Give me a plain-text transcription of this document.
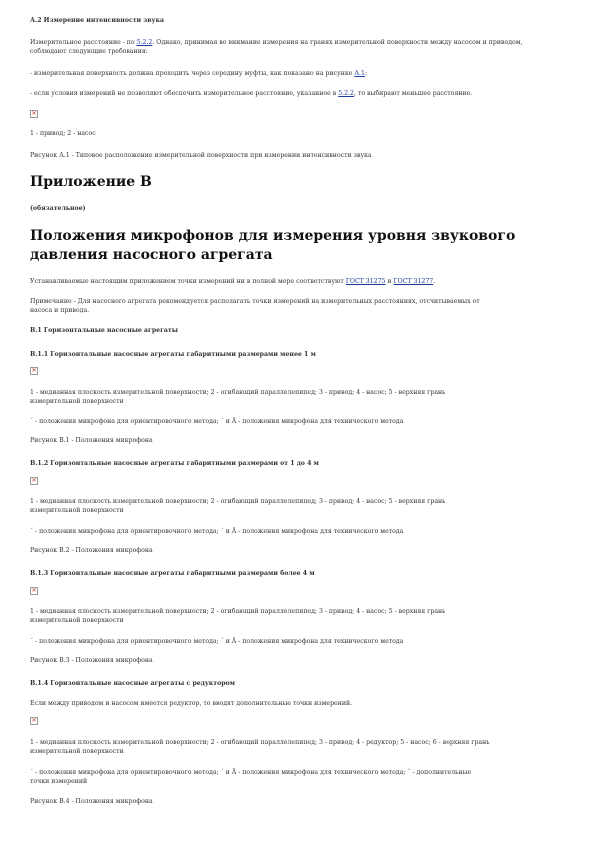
А.2 Измерение интенсивности звука

Измерительное расстояние - по 5.2.2. Однако, принимая во внимание измерения на гранях измерительной поверхности между насосом и приводом, соблюдают следующие требования:

- измерительная поверхность должна проходить через середину муфты, как показано на рисунке А.1;

- если условия измерений не позволяют обеспечить измерительное расстояние, указанное в 5.2.2, то выбирают меньшее расстояние.

✕

1 - привод; 2 - насос

Рисунок А.1 - Типовое расположение измерительной поверхности при измерении интенсивности звука

Приложение В

(обязательное)

Положения микрофонов для измерения уровня звукового
давления насосного агрегата

Устанавливаемые настоящим приложением точки измерений ни в полной мере соответствуют ГОСТ 31275 и ГОСТ 31277.

Примечание - Для насосного агрегата рекомендуется располагать точки измерений на измерительных расстояниях, отсчитываемых от
насоса и привода.

В.1 Горизонтальные насосные агрегаты

В.1.1 Горизонтальные насосные агрегаты габаритными размерами менее 1 м

✕

1 - медианная плоскость измерительной поверхности; 2 - огибающий параллелепипед; 3 - привод; 4 - насос; 5 - верхняя грань
измерительной поверхности

´ - положения микрофона для ориентировочного метода; ´ и Ä - положения микрофона для технического метода

Рисунок В.1 - Положения микрофона

В.1.2 Горизонтальные насосные агрегаты габаритными размерами от 1 до 4 м

✕

1 - медианная плоскость измерительной поверхности; 2 - огибающий параллелепипед; 3 - привод; 4 - насос; 5 - верхняя грань
измерительной поверхности

´ - положения микрофона для ориентировочного метода; ´ и Ä - положения микрофона для технического метода

Рисунок В.2 - Положения микрофона

В.1.3 Горизонтальные насосные агрегаты габаритными размерами более 4 м

✕

1 - медианная плоскость измерительной поверхности; 2 - огибающий параллелепипед; 3 - привод; 4 - насос; 5 - верхняя грань
измерительной поверхности

´ - положения микрофона для ориентировочного метода; ´ и Ä - положения микрофона для технического метода

Рисунок В.3 - Положения микрофона

В.1.4 Горизонтальные насосные агрегаты с редуктором

Если между приводом и насосом имеется редуктор, то вводят дополнительные точки измерений.

✕

1 - медианная плоскость измерительной поверхности; 2 - огибающий параллелепипед; 3 - привод; 4 - редуктор; 5 - насос; 6 - верхняя грань
измерительной поверхности

´ - положения микрофона для ориентировочного метода; ´ и Ä - положения микрофона для технического метода; ¨ - дополнительные
точки измерений

Рисунок В.4 - Положения микрофона
